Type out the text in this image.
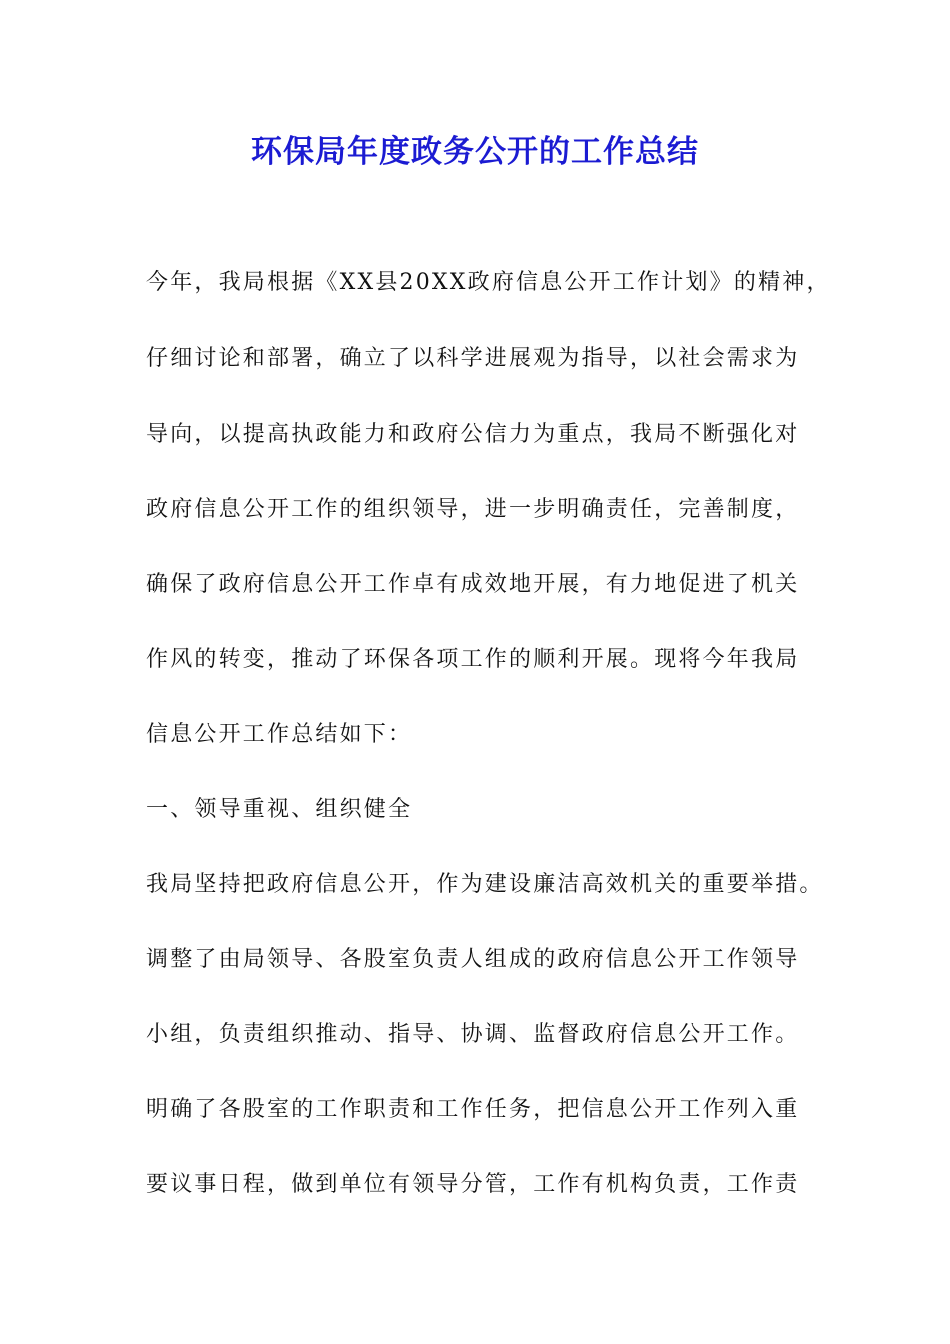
环保局年度政务公开的工作总结
今年，我局根据《XX县20XX政府信息公开工作计划》的精神，
仔细讨论和部署，确立了以科学进展观为指导，以社会需求为
导向，以提高执政能力和政府公信力为重点，我局不断强化对
政府信息公开工作的组织领导，进一步明确责任，完善制度，
确保了政府信息公开工作卓有成效地开展，有力地促进了机关
作风的转变，推动了环保各项工作的顺利开展。现将今年我局
信息公开工作总结如下：
一、领导重视、组织健全
我局坚持把政府信息公开，作为建设廉洁高效机关的重要举措。
调整了由局领导、各股室负责人组成的政府信息公开工作领导
小组，负责组织推动、指导、协调、监督政府信息公开工作。
明确了各股室的工作职责和工作任务，把信息公开工作列入重
要议事日程，做到单位有领导分管，工作有机构负责，工作责
